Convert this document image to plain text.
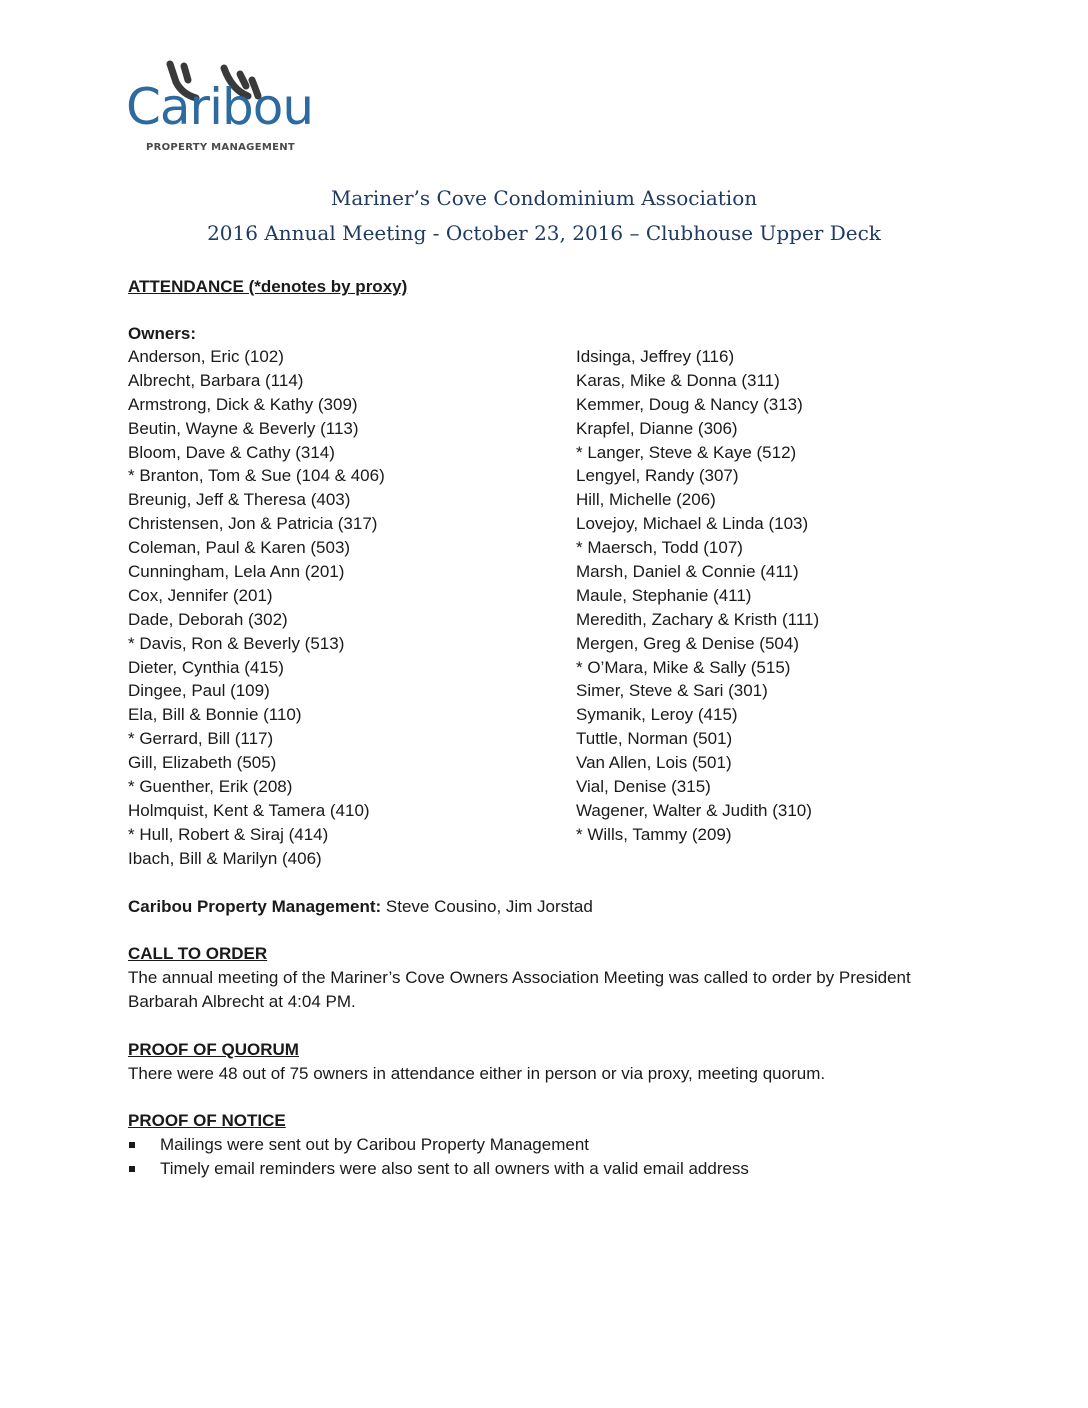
Caribou
PROPERTY MANAGEMENT
Mariner’s Cove Condominium Association
2016 Annual Meeting - October 23, 2016 – Clubhouse Upper Deck
ATTENDANCE (*denotes by proxy)
Owners:
Anderson, Eric (102)
Albrecht, Barbara (114)
Armstrong, Dick & Kathy (309)
Beutin, Wayne & Beverly (113)
Bloom, Dave & Cathy (314)
* Branton, Tom & Sue (104 & 406)
Breunig, Jeff & Theresa (403)
Christensen, Jon & Patricia (317)
Coleman, Paul & Karen (503)
Cunningham, Lela Ann (201)
Cox, Jennifer (201)
Dade, Deborah (302)
* Davis, Ron & Beverly (513)
Dieter, Cynthia (415)
Dingee, Paul (109)
Ela, Bill & Bonnie (110)
* Gerrard, Bill (117)
Gill, Elizabeth (505)
* Guenther, Erik (208)
Holmquist, Kent & Tamera (410)
* Hull, Robert & Siraj (414)
Ibach, Bill & Marilyn (406)
Idsinga, Jeffrey (116)
Karas, Mike & Donna (311)
Kemmer, Doug & Nancy (313)
Krapfel, Dianne (306)
* Langer, Steve & Kaye (512)
Lengyel, Randy (307)
Hill, Michelle (206)
Lovejoy, Michael & Linda (103)
* Maersch, Todd (107)
Marsh, Daniel & Connie (411)
Maule, Stephanie (411)
Meredith, Zachary & Kristh (111)
Mergen, Greg & Denise (504)
* O’Mara, Mike & Sally (515)
Simer, Steve & Sari (301)
Symanik, Leroy (415)
Tuttle, Norman (501)
Van Allen, Lois (501)
Vial, Denise (315)
Wagener, Walter & Judith (310)
* Wills, Tammy (209)
Caribou Property Management: Steve Cousino, Jim Jorstad
CALL TO ORDER
The annual meeting of the Mariner’s Cove Owners Association Meeting was called to order by President Barbarah Albrecht at 4:04 PM.
PROOF OF QUORUM
There were 48 out of 75 owners in attendance either in person or via proxy, meeting quorum.
PROOF OF NOTICE
Mailings were sent out by Caribou Property Management
Timely email reminders were also sent to all owners with a valid email address
